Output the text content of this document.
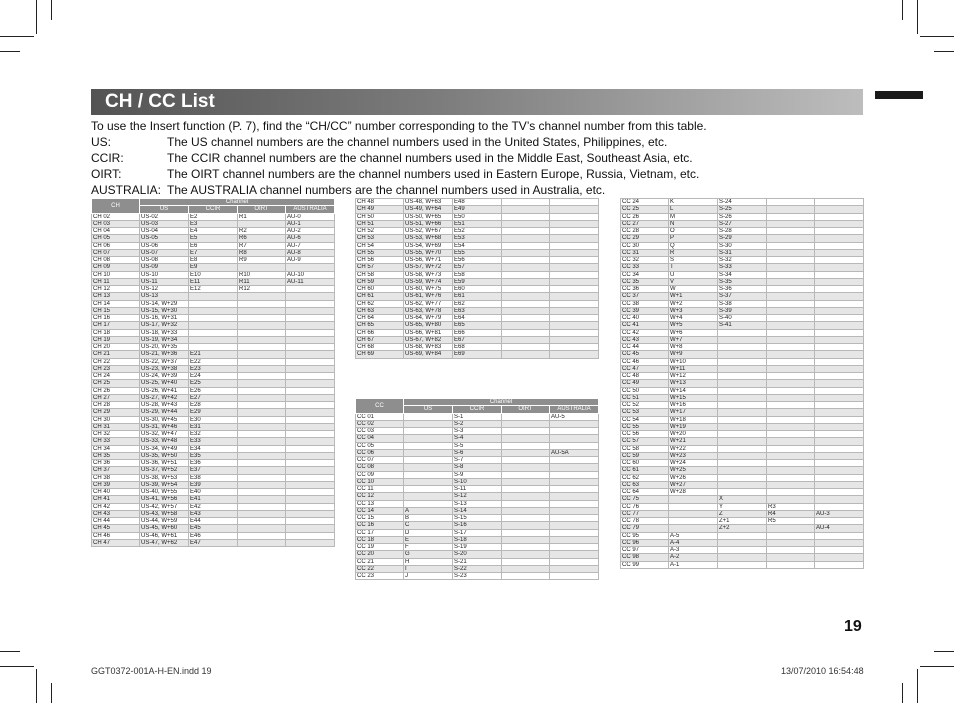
CH / CC List
To use the Insert function (P. 7), find the “CH/CC” number corresponding to the TV’s channel number from this table.
US:	The US channel numbers are the channel numbers used in the United States, Philippines, etc.
CCIR:	The CCIR channel numbers are the channel numbers used in the Middle East, Southeast Asia, etc.
OIRT:	The OIRT channel numbers are the channel numbers used in Eastern Europe, Russia, Vietnam, etc.
AUSTRALIA: The AUSTRALIA channel numbers are the channel numbers used in Australia, etc.
CH	Channel			
	US	CCIR	OIRT	AUSTRALIA
CH 02	US-02	E2	R1	AU-0
CH 03	US-03	E3		AU-1
CH 04	US-04	E4	R2	AU-2
CH 05	US-05	E5	R6	AU-6
CH 06	US-06	E6	R7	AU-7
CH 07	US-07	E7	R8	AU-8
CH 08	US-08	E8	R9	AU-9
CH 09	US-09	E9		
CH 10	US-10	E10	R10	AU-10
CH 11	US-11	E11	R11	AU-11
CH 12	US-12	E12	R12	
CH 13	US-13			
CH 14	US-14, W+29			
CH 15	US-15, W+30			
CH 16	US-16, W+31			
CH 17	US-17, W+32			
CH 18	US-18, W+33			
CH 19	US-19, W+34			
CH 20	US-20, W+35			
CH 21	US-21, W+36	E21		
CH 22	US-22, W+37	E22		
CH 23	US-23, W+38	E23		
CH 24	US-24, W+39	E24		
CH 25	US-25, W+40	E25		
CH 26	US-26, W+41	E26		
CH 27	US-27, W+42	E27		
CH 28	US-28, W+43	E28		
CH 29	US-29, W+44	E29		
CH 30	US-30, W+45	E30		
CH 31	US-31, W+46	E31		
CH 32	US-32, W+47	E32		
CH 33	US-33, W+48	E33		
CH 34	US-34, W+49	E34		
CH 35	US-35, W+50	E35		
CH 36	US-36, W+51	E36		
CH 37	US-37, W+52	E37		
CH 38	US-38, W+53	E38		
CH 39	US-39, W+54	E39		
CH 40	US-40, W+55	E40		
CH 41	US-41, W+56	E41		
CH 42	US-42, W+57	E42		
CH 43	US-43, W+58	E43		
CH 44	US-44, W+59	E44		
CH 45	US-45, W+60	E45		
CH 46	US-46, W+61	E46		
CH 47	US-47, W+62	E47		
CH 48	US-48, W+63	E48		
CH 49	US-49, W+64	E49		
CH 50	US-50, W+65	E50		
CH 51	US-51, W+66	E51		
CH 52	US-52, W+67	E52		
CH 53	US-53, W+68	E53		
CH 54	US-54, W+69	E54		
CH 55	US-55, W+70	E55		
CH 56	US-56, W+71	E56		
CH 57	US-57, W+72	E57		
CH 58	US-58, W+73	E58		
CH 59	US-59, W+74	E59		
CH 60	US-60, W+75	E60		
CH 61	US-61, W+76	E61		
CH 62	US-62, W+77	E62		
CH 63	US-63, W+78	E63		
CH 64	US-64, W+79	E64		
CH 65	US-65, W+80	E65		
CH 66	US-66, W+81	E66		
CH 67	US-67, W+82	E67		
CH 68	US-68, W+83	E68		
CH 69	US-69, W+84	E69		
CC	Channel			
	US	CCIR	OIRT	AUSTRALIA
CC 01		S-1		AU-5
CC 02		S-2		
CC 03		S-3		
CC 04		S-4		
CC 05		S-5		
CC 06		S-6		AU-5A
CC 07		S-7		
CC 08		S-8		
CC 09		S-9		
CC 10		S-10		
CC 11		S-11		
CC 12		S-12		
CC 13		S-13		
CC 14	A	S-14		
CC 15	B	S-15		
CC 16	C	S-16		
CC 17	D	S-17		
CC 18	E	S-18		
CC 19	F	S-19		
CC 20	G	S-20		
CC 21	H	S-21		
CC 22	I	S-22		
CC 23	J	S-23		
CC 24	K	S-24		
CC 25	L	S-25		
CC 26	M	S-26		
CC 27	N	S-27		
CC 28	O	S-28		
CC 29	P	S-29		
CC 30	Q	S-30		
CC 31	R	S-31		
CC 32	S	S-32		
CC 33	T	S-33		
CC 34	U	S-34		
CC 35	V	S-35		
CC 36	W	S-36		
CC 37	W+1	S-37		
CC 38	W+2	S-38		
CC 39	W+3	S-39		
CC 40	W+4	S-40		
CC 41	W+5	S-41		
CC 42	W+6			
CC 43	W+7			
CC 44	W+8			
CC 45	W+9			
CC 46	W+10			
CC 47	W+11			
CC 48	W+12			
CC 49	W+13			
CC 50	W+14			
CC 51	W+15			
CC 52	W+16			
CC 53	W+17			
CC 54	W+18			
CC 55	W+19			
CC 56	W+20			
CC 57	W+21			
CC 58	W+22			
CC 59	W+23			
CC 60	W+24			
CC 61	W+25			
CC 62	W+26			
CC 63	W+27			
CC 64	W+28			
CC 75		X		
CC 76		Y	R3	
CC 77		Z	R4	AU-3
CC 78		Z+1	R5	
CC 79		Z+2		AU-4
CC 95	A-5			
CC 96	A-4			
CC 97	A-3			
CC 98	A-2			
CC 99	A-1			
19
GGT0372-001A-H-EN.indd 19	13/07/2010 16:54:48
